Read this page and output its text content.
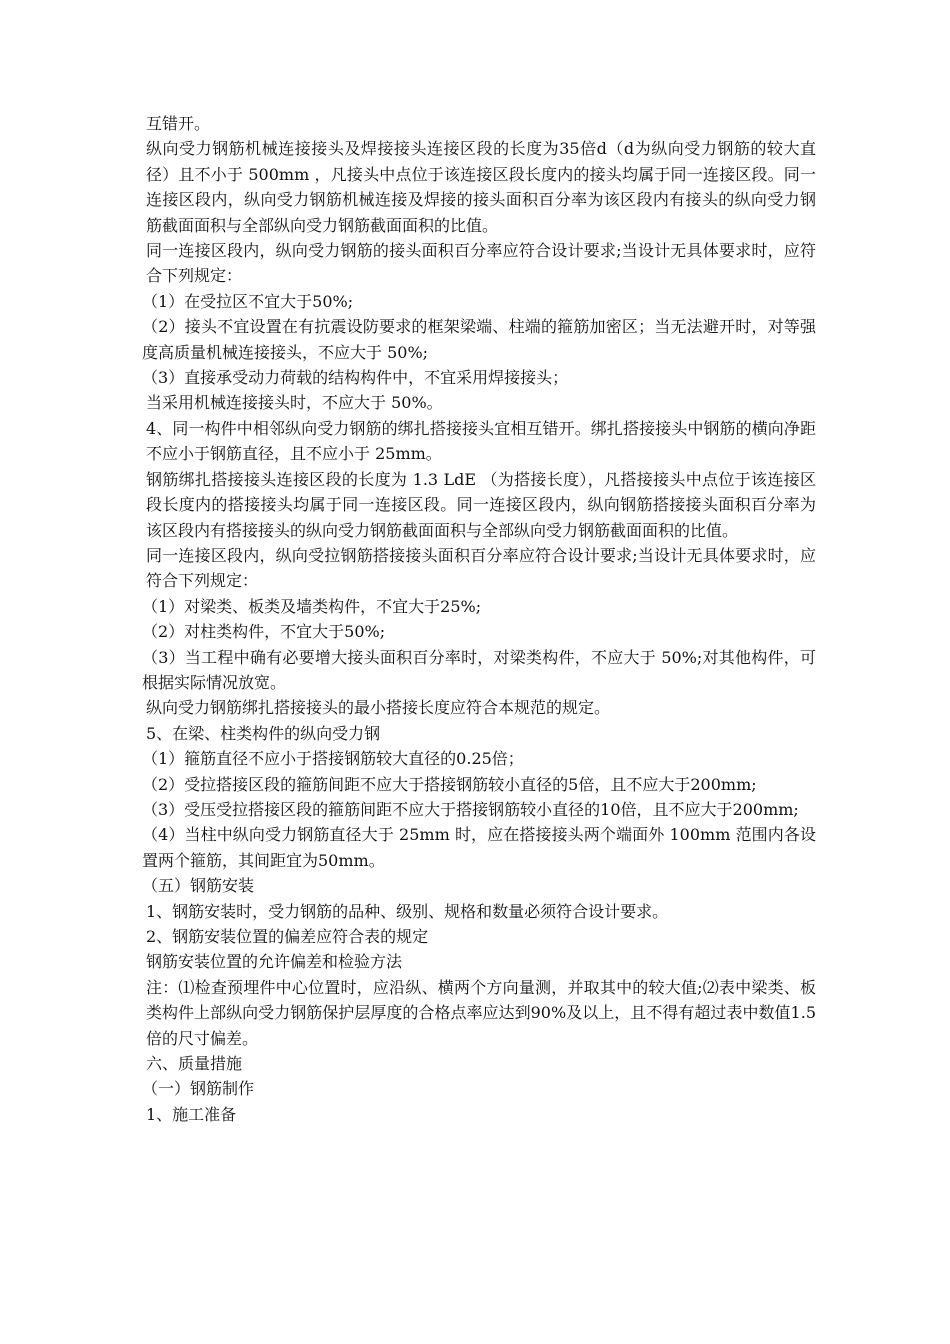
互错开。

纵向受力钢筋机械连接接头及焊接接头连接区段的长度为35倍d（d为纵向受力钢筋的较大直径）且不小于 500mm ，凡接头中点位于该连接区段长度内的接头均属于同一连接区段。同一连接区段内，纵向受力钢筋机械连接及焊接的接头面积百分率为该区段内有接头的纵向受力钢筋截面面积与全部纵向受力钢筋截面面积的比值。

同一连接区段内，纵向受力钢筋的接头面积百分率应符合设计要求;当设计无具体要求时，应符合下列规定：

（1）在受拉区不宜大于50%;

（2）接头不宜设置在有抗震设防要求的框架梁端、柱端的箍筋加密区；当无法避开时，对等强度高质量机械连接接头，不应大于 50%;

（3）直接承受动力荷载的结构构件中，不宜采用焊接接头；

当采用机械连接接头时，不应大于 50%。

4、同一构件中相邻纵向受力钢筋的绑扎搭接接头宜相互错开。绑扎搭接接头中钢筋的横向净距不应小于钢筋直径，且不应小于 25mm。

钢筋绑扎搭接接头连接区段的长度为 1.3 LdE （为搭接长度），凡搭接接头中点位于该连接区段长度内的搭接接头均属于同一连接区段。同一连接区段内，纵向钢筋搭接接头面积百分率为该区段内有搭接接头的纵向受力钢筋截面面积与全部纵向受力钢筋截面面积的比值。

同一连接区段内，纵向受拉钢筋搭接接头面积百分率应符合设计要求;当设计无具体要求时，应符合下列规定：

（1）对梁类、板类及墙类构件，不宜大于25%;

（2）对柱类构件，不宜大于50%;

（3）当工程中确有必要增大接头面积百分率时，对梁类构件，不应大于 50%;对其他构件，可根据实际情况放宽。

纵向受力钢筋绑扎搭接接头的最小搭接长度应符合本规范的规定。

5、在梁、柱类构件的纵向受力钢

（1）箍筋直径不应小于搭接钢筋较大直径的0.25倍；

（2）受拉搭接区段的箍筋间距不应大于搭接钢筋较小直径的5倍，且不应大于200mm;

（3）受压受拉搭接区段的箍筋间距不应大于搭接钢筋较小直径的10倍，且不应大于200mm;

（4）当柱中纵向受力钢筋直径大于 25mm 时，应在搭接接头两个端面外 100mm 范围内各设置两个箍筋，其间距宜为50mm。

（五）钢筋安装

1、钢筋安装时，受力钢筋的品种、级别、规格和数量必须符合设计要求。

2、钢筋安装位置的偏差应符合表的规定

钢筋安装位置的允许偏差和检验方法

注：⑴检查预埋件中心位置时，应沿纵、横两个方向量测，并取其中的较大值;⑵表中梁类、板类构件上部纵向受力钢筋保护层厚度的合格点率应达到90%及以上，且不得有超过表中数值1.5倍的尺寸偏差。

六、质量措施

（一）钢筋制作

1、施工准备
